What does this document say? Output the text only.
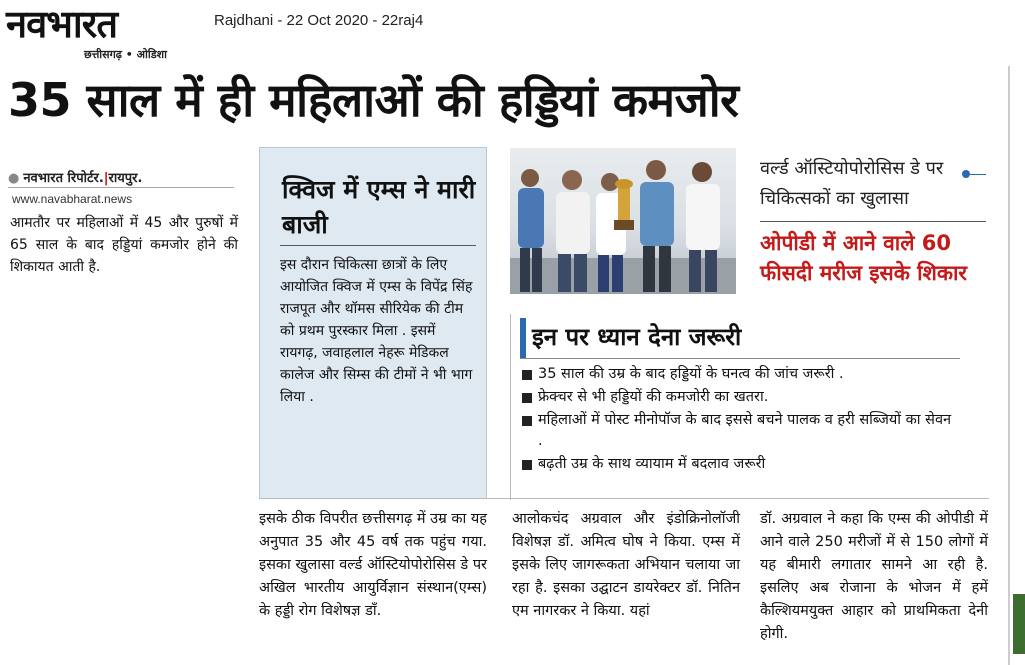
नवभारत
छत्तीसगढ़ • ओडिशा
Rajdhani - 22 Oct 2020 - 22raj4
35 साल में ही महिलाओं की हड्डियां कमजोर
● नवभारत रिपोर्टर.|रायपुर.
www.navabharat.news
आमतौर पर महिलाओं में 45 और पुरुषों में 65 साल के बाद हड्डियां कमजोर होने की शिकायत आती है.
क्विज में एम्स ने मारी बाजी
इस दौरान चिकित्सा छात्रों के लिए आयोजित क्विज में एम्स के विपेंद्र सिंह राजपूत और थॉमस सीरियेक की टीम को प्रथम पुरस्कार मिला . इसमें रायगढ़, जवाहलाल नेहरू मेडिकल कालेज और सिम्स की टीमों ने भी भाग लिया .
वर्ल्ड ऑस्टियोपोरोसिस डे पर चिकित्सकों का खुलासा
ओपीडी में आने वाले 60 फीसदी मरीज इसके शिकार
इन पर ध्यान देना जरूरी
35 साल की उम्र के बाद हड्डियों के घनत्व की जांच जरूरी .
फ्रेक्चर से भी हड्डियों की कमजोरी का खतरा.
महिलाओं में पोस्ट मीनोपॉज के बाद इससे बचने पालक व हरी सब्जियों का सेवन .
बढ़ती उम्र के साथ व्यायाम में बदलाव जरूरी
इसके ठीक विपरीत छत्तीसगढ़ में उम्र का यह अनुपात 35 और 45 वर्ष तक पहुंच गया. इसका खुलासा वर्ल्ड ऑस्टियोपोरोसिस डे पर अखिल भारतीय आयुर्विज्ञान संस्थान(एम्स) के हड्डी रोग विशेषज्ञ डॉं.
आलोकचंद अग्रवाल और इंडोक्रिनोलॉजी विशेषज्ञ डॉ. अमित्व घोष ने किया. एम्स में इसके लिए जागरूकता अभियान चलाया जा रहा है. इसका उद्घाटन डायरेक्टर डॉ. नितिन एम नागरकर ने किया. यहां
डॉ. अग्रवाल ने कहा कि एम्स की ओपीडी में आने वाले 250 मरीजों में से 150 लोगों में यह बीमारी लगातार सामने आ रही है. इसलिए अब रोजाना के भोजन में हमें कैल्शियमयुक्त आहार को प्राथमिकता देनी होगी.
